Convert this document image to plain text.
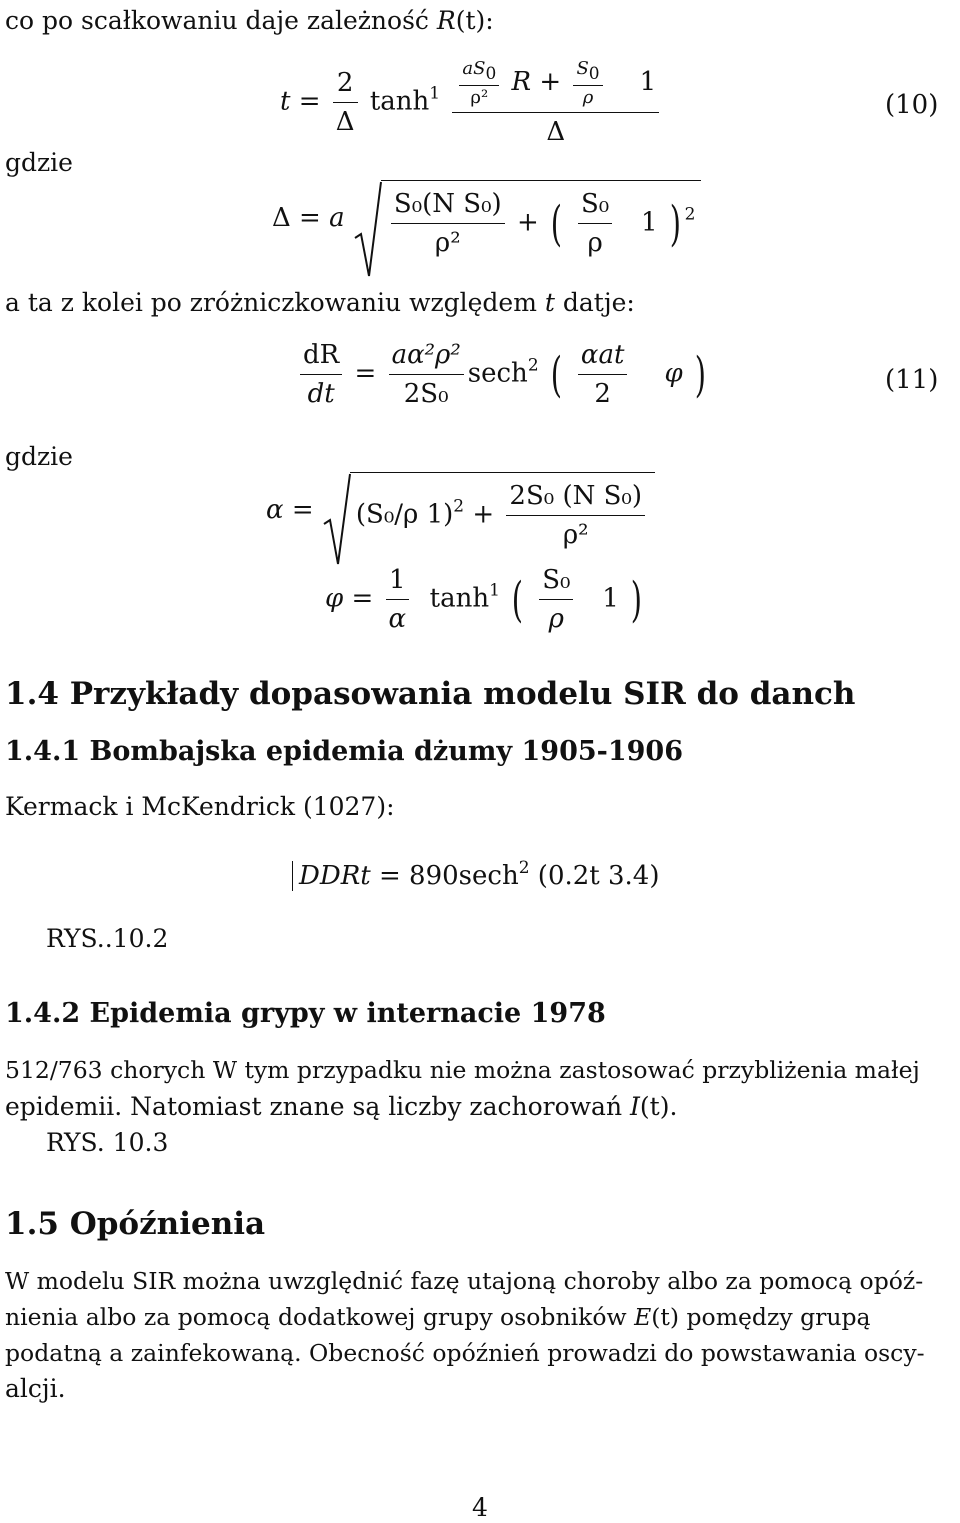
co po scałkowaniu daje zależność R(t):
$t = \frac{2}{\Delta} \tanh^1 \frac{aS0}{\text{ρ²}}$ $R + \frac{S0}{\rho} 1$
Δ
(10)
gdzie
Δ = a $\frac{\text{S₀(N S₀)}}{\text{ρ²}}$ + ( $\frac{\text{S₀}}{\rho} 1$ ) $^2$
a ta z kolei po zróżniczkowaniu względem t datje:
$\frac{dR}{dt} = \frac{\text{aα²ρ²}}{\text{2S₀}} \sec h^2$ ( $\frac{\text{αat}}{2}$ φ )	(11)
gdzie
α =
(S₀/ρ $1)^2 + \frac{\text{2S₀ (N S₀)}}{\text{ρ²}}$
$\varphi = \frac{1}{\alpha} \tanh^1$ ( $\frac{\text{S₀}}{\rho} 1$ )
1.4 Przykłady dopasowania modelu SIR do danch
1.4.1 Bombajska epidemia dżumy 1905-1906
Kermack i McKendrick (1027):
DDRt = 890sech$^2$ (0.2t 3.4)
RYS..10.2
1.4.2 Epidemia grypy w internacie 1978
512/763 chorych W tym przypadku nie można zastosować przybliżenia małej
epidemii. Natomiast znane są liczby zachorowań I(t).
RYS. 10.3
1.5 Opóźnienia
W modelu SIR można uwzględnić fazę utajoną choroby albo za pomocą opóź-
nienia albo za pomocą dodatkowej grupy osobników E(t) pomędzy grupą
podatną a zainfekowaną. Obecność opóźnień prowadzi do powstawania oscy-
alcji.
4
